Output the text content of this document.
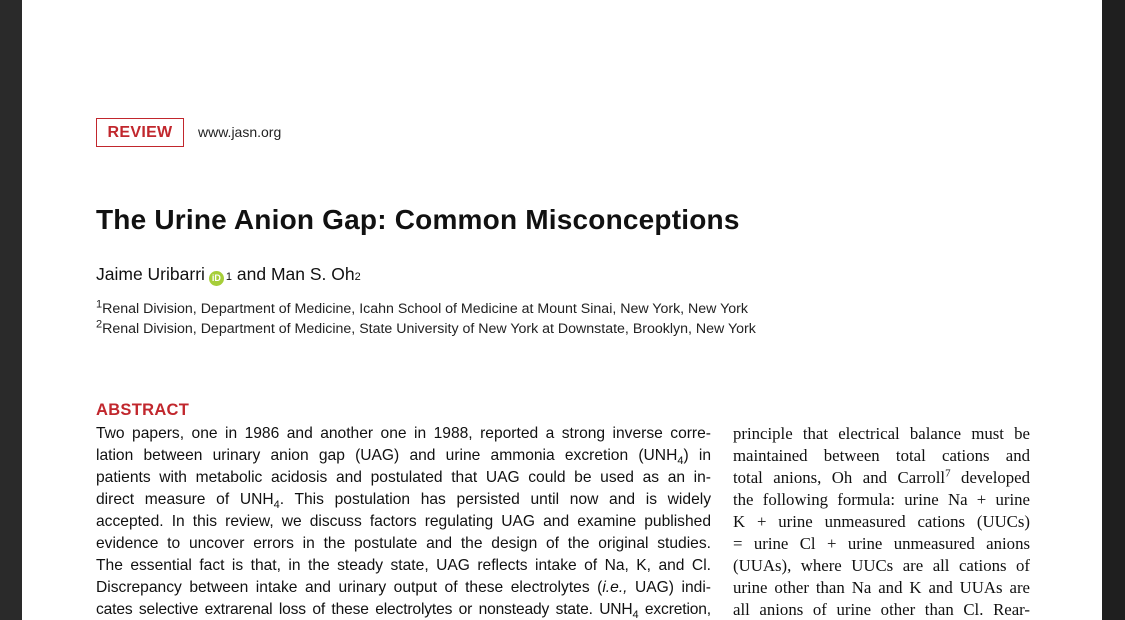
REVIEW	www.jasn.org
The Urine Anion Gap: Common Misconceptions
Jaime Uribarri iD 1 and Man S. Oh 2
$^1$Renal Division, Department of Medicine, Icahn School of Medicine at Mount Sinai, New York, New York
$^2$Renal Division, Department of Medicine, State University of New York at Downstate, Brooklyn, New York
ABSTRACT
Two papers, one in 1986 and another one in 1988, reported a strong inverse corre-
lation between urinary anion gap (UAG) and urine ammonia excretion $(UNH_4)$ in
patients with metabolic acidosis and postulated that UAG could be used as an in-
direct measure of $UNH_4$. This postulation has persisted until now and is widely
accepted. In this review, we discuss factors regulating UAG and examine published
evidence to uncover errors in the postulate and the design of the original studies.
The essential fact is that, in the steady state, UAG reflects intake of Na, K, and Cl.
Discrepancy between intake and urinary output of these electrolytes (i.e., UAG) indi-
cates selective extrarenal loss of these electrolytes or nonsteady state. $UNH_4$ excretion,
principle that electrical balance must be
maintained between total cations and
total anions, Oh and Carroll$^7$ developed
the following formula: urine Na + urine
K + urine unmeasured cations (UUCs)
= urine Cl + urine unmeasured anions
(UUAs), where UUCs are all cations of
urine other than Na and K and UUAs are
all anions of urine other than Cl. Rear-
